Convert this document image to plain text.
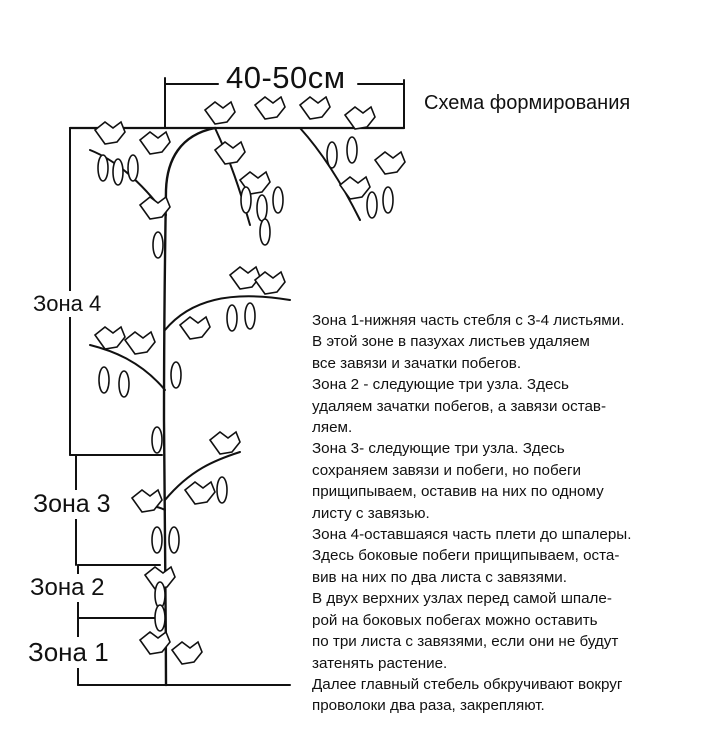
40-50см
Схема формирования
Зона 4
Зона 3
Зона 2
Зона 1

Зона 1-нижняя часть стебля с 3-4 листьями.

В этой зоне в пазухах листьев удаляем

все завязи и зачатки побегов.

Зона 2 - следующие три узла. Здесь

удаляем зачатки побегов, а завязи остав-

ляем.

Зона 3- следующие три узла. Здесь

сохраняем завязи и побеги, но побеги

прищипываем, оставив на них по одному

листу с завязью.

Зона 4-оставшаяся часть плети до шпалеры.

Здесь боковые побеги прищипываем, оста-

вив на них по два листа с завязями.

В двух верхних узлах перед самой шпале-

рой на боковых побегах можно оставить

по три листа с завязями, если они не будут

затенять растение.

Далее главный стебель обкручивают вокруг

проволоки два раза, закрепляют.
